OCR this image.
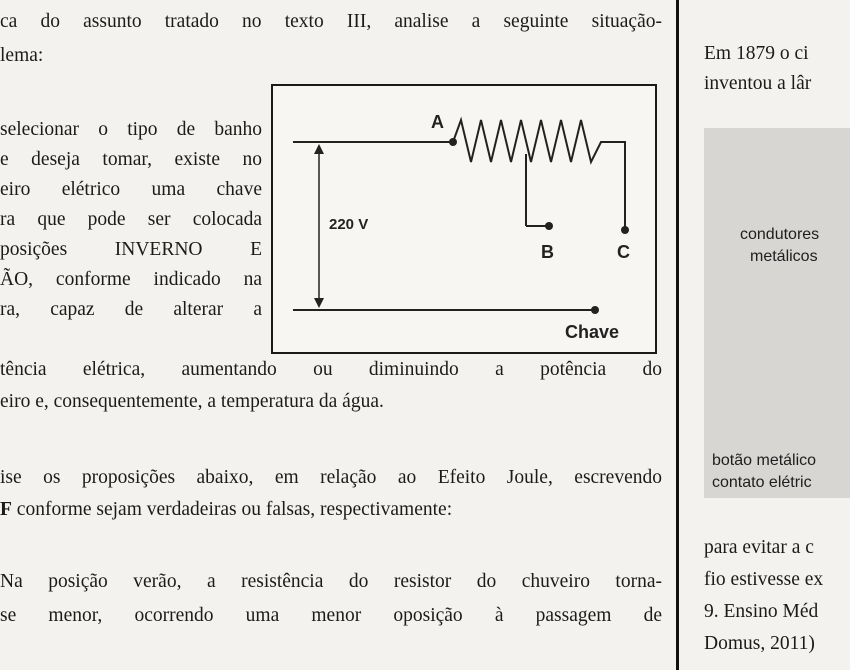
ca do assunto tratado no texto III, analise a seguinte situação-
lema:
selecionar o tipo de banho
e deseja tomar, existe no
eiro elétrico uma chave
ra que pode ser colocada
posições INVERNO E
ÃO, conforme indicado na
ra, capaz de alterar a
tência elétrica, aumentando ou diminuindo a potência do
eiro e, consequentemente, a temperatura da água.
ise os proposições abaixo, em relação ao Efeito Joule, escrevendo
F conforme sejam verdadeiras ou falsas, respectivamente:
Na posição verão, a resistência do resistor do chuveiro torna-
se menor, ocorrendo uma menor oposição à passagem de
A
B	C
220 V
Chave
Em 1879 o ci
inventou a lâr
condutores
metálicos
botão metálico
contato elétric
para evitar a c
fio estivesse ex
9. Ensino Méd
Domus, 2011)
